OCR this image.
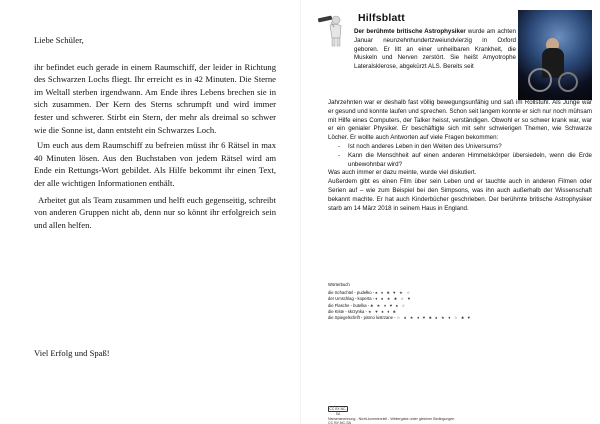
Liebe Schüler,

ihr befindet euch gerade in einem Raumschiff, der leider in Richtung des Schwarzen Lochs fliegt. Ihr erreicht es in 42 Minuten. Die Sterne im Weltall sterben irgendwann. Am Ende ihres Lebens brechen sie in sich zusammen. Der Kern des Sterns schrumpft und wird immer fester und schwerer. Stirbt ein Stern, der mehr als dreimal so schwer wie die Sonne ist, dann entsteht ein Schwarzes Loch.

Um euch aus dem Raumschiff zu befreien müsst ihr 6 Rätsel in max 40 Minuten lösen. Aus den Buchstaben von jedem Rätsel wird am Ende ein Rettungs-Wort gebildet. Als Hilfe bekommt ihr einen Text, der alle wichtigen Informationen enthält.

Arbeitet gut als Team zusammen und helft euch gegenseitig, schreibt von anderen Gruppen nicht ab, denn nur so könnt ihr erfolgreich sein und allen helfen.

Viel Erfolg und Spaß!

Hilfsblatt
Der berühmte britische Astrophysiker wurde am achten Januar neunzehnhundertzweiundvierzig in Oxford geboren. Er litt an einer unheilbaren Krankheit, die Muskeln und Nerven zerstört. Sie heißt Amyotrophe Lateralsklerose, abgekürzt ALS. Bereits seit
Jahrzehnten war er deshalb fast völlig bewegungsunfähig und saß im Rollstuhl. Als Junge war er gesund und konnte laufen und sprechen. Schon seit langem konnte er sich nur noch mühsam mit Hilfe eines Computers, der Talker heisst, verständigen. Obwohl er so schwer krank war, war er ein genialer Physiker. Er beschäftigte sich mit sehr schwierigen Themen, wie Schwarze Löcher. Er wollte auch Antworten auf viele Fragen bekommen:
- Ist noch anderes Leben in den Weiten des Universums?
- Kann die Menschheit auf einen anderen Himmelskörper übersiedeln, wenn die Erde unbewohnbar wird?

Was auch immer er dazu meinte, wurde viel diskutiert.

Außerdem gibt es einen Film über sein Leben und er tauchte auch in anderen Filmen oder Serien auf – wie zum Beispiel bei den Simpsons, was ihn auch außerhalb der Wissenschaft bekannt machte. Er hat auch Kinderbücher geschrieben. Der berühmte britische Astrophysiker starb am 14 März 2018 in seinem Haus in England.

Wörterbuch
die Schachtel - pudełko - ♠ ♦ ♣ ♥ ★ ☆
der Umschlag - koperta - ♦ ♠ ★ ♣ ☆ ♥
die Flasche - butelka - ♣ ★ ♦ ♥ ♠ ☆
die Kiste - skrzynka - ★ ♥ ♠ ♦ ♣
die Spiegelschrift - pismo lustrzane - ☆ ♠ ★ ♦ ♥ ♣ ♠ ★ ♦ ☆ ♣ ♥
CC BY-NC-SA
Namensnennung - Nicht-kommerziell - Weitergabe unter gleichen Bedingungen
CC BY-NC-SA
